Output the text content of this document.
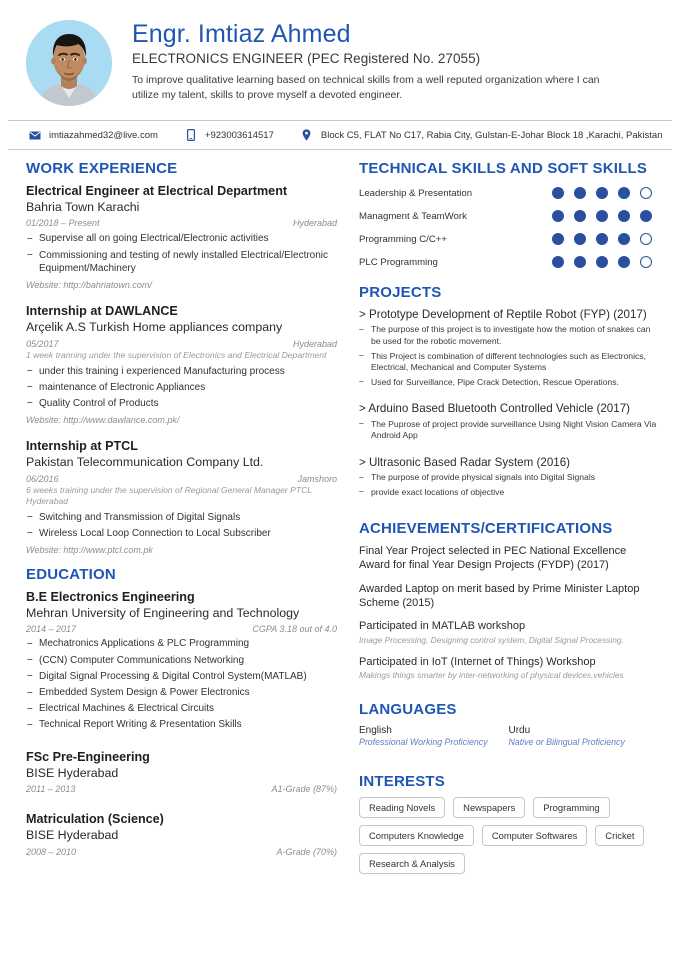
Engr. Imtiaz Ahmed
ELECTRONICS ENGINEER (PEC Registered No. 27055)
To improve qualitative learning based on technical skills from a well reputed organization where I can utilize my talent, skills to prove myself a devoted engineer.
imtiazahmed32@live.com	+923003614517	Block C5, FLAT No C17, Rabia City, Gulstan-E-Johar Block 18 ,Karachi, Pakistan
WORK EXPERIENCE
Electrical Engineer at Electrical Department
Bahria Town Karachi
01/2018 – Present	Hyderabad
– Supervise all on going Electrical/Electronic activities
– Commissioning and testing of newly installed Electrical/Electronic Equipment/Machinery
Website: http://bahriatown.com/
Internship at DAWLANCE
Arçelik A.S Turkish Home appliances company
05/2017	Hyderabad
1 week tranning under the supervision of Electronics and Electrical Department
– under this training i experienced Manufacturing process
– maintenance of Electronic Appliances
– Quality Control of Products
Website: http://www.dawlance.com.pk/
Internship at PTCL
Pakistan Telecommunication Company Ltd.
06/2016	Jamshoro
6 weeks training under the supervision of Regional General Manager PTCL Hyderabad
– Switching and Transmission of Digital Signals
– Wireless Local Loop Connection to Local Subscriber
Website: http://www.ptcl.com.pk
EDUCATION
B.E Electronics Engineering
Mehran University of Engineering and Technology
2014 – 2017	CGPA 3.18 out of 4.0
– Mechatronics Applications & PLC Programming
– (CCN) Computer Communications Networking
– Digital Signal Processing & Digital Control System(MATLAB)
– Embedded System Design & Power Electronics
– Electrical Machines & Electrical Circuits
– Technical Report Writing & Presentation Skills
FSc Pre-Engineering
BISE Hyderabad
2011 – 2013	A1-Grade (87%)
Matriculation (Science)
BISE Hyderabad
2008 – 2010	A-Grade (70%)
TECHNICAL SKILLS AND SOFT SKILLS
Leadership & Presentation
Managment & TeamWork
Programming C/C++
PLC Programming
PROJECTS
> Prototype Development of Reptile Robot (FYP) (2017)
– The purpose of this project is to investigate how the motion of snakes can be used for the robotic movement.
– This Project is combination of different technologies such as Electronics, Electrical, Mechanical and Computer Systems
– Used for Surveillance, Pipe Crack Detection, Rescue Operations.
> Arduino Based Bluetooth Controlled Vehicle (2017)
– The Puprose of project provide surveillance Using Night Vision Camera Via Android App
> Ultrasonic Based Radar System (2016)
– The purpose of provide physical signals into Digital Signals
– provide exact locations of objective
ACHIEVEMENTS/CERTIFICATIONS
Final Year Project selected in PEC National Excellence Award for final Year Design Projects (FYDP) (2017)
Awarded Laptop on merit based by Prime Minister Laptop Scheme (2015)
Participated in MATLAB workshop
Image Processing, Designing control system, Digital Signal Processing.
Participated in IoT (Internet of Things) Workshop
Makings things smarter by inter-networking of physical devices,vehicles
LANGUAGES
English
Professional Working Proficiency
Urdu
Native or Bilingual Proficiency
INTERESTS
Reading Novels	Newspapers	Programming
Computers Knowledge	Computer Softwares	Cricket
Research & Analysis
